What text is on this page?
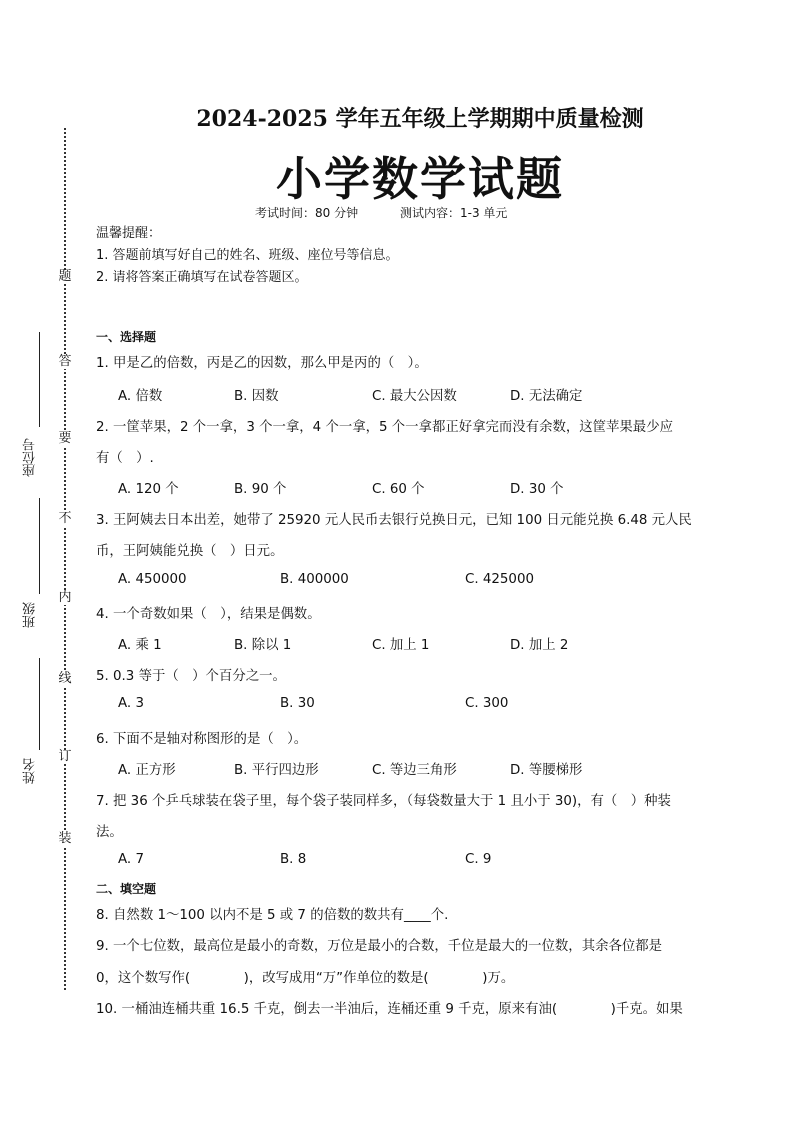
题
答
要
不
内
线
订
装
座位号
班级
姓名
2024-2025 学年五年级上学期期中质量检测
小学数学试题
考试时间：80 分钟	测试内容：1-3 单元
温馨提醒：
1. 答题前填写好自己的姓名、班级、座位号等信息。
2. 请将答案正确填写在试卷答题区。
一、选择题
1. 甲是乙的倍数，丙是乙的因数，那么甲是丙的（　）。
A. 倍数	B. 因数	C. 最大公因数	D. 无法确定
2. 一筐苹果，2 个一拿，3 个一拿，4 个一拿，5 个一拿都正好拿完而没有余数，这筐苹果最少应
有（　）.
A. 120 个	B. 90 个	C. 60 个	D. 30 个
3. 王阿姨去日本出差，她带了 25920 元人民币去银行兑换日元，已知 100 日元能兑换 6.48 元人民
币，王阿姨能兑换（　）日元。
A. 450000	B. 400000	C. 425000
4. 一个奇数如果（　），结果是偶数。
A. 乘 1	B. 除以 1	C. 加上 1	D. 加上 2
5. 0.3 等于（　）个百分之一。
A. 3	B. 30	C. 300
6. 下面不是轴对称图形的是（　）。
A. 正方形	B. 平行四边形	C. 等边三角形	D. 等腰梯形
7. 把 36 个乒乓球装在袋子里，每个袋子装同样多，（每袋数量大于 1 且小于 30)，有（　）种装
法。
A. 7	B. 8	C. 9
二、填空题
8. 自然数 1～100 以内不是 5 或 7 的倍数的数共有____个.
9. 一个七位数，最高位是最小的奇数，万位是最小的合数，千位是最大的一位数，其余各位都是
0，这个数写作(　　　　)，改写成用“万”作单位的数是(　　　　)万。
10. 一桶油连桶共重 16.5 千克，倒去一半油后，连桶还重 9 千克，原来有油(　　　　)千克。如果
